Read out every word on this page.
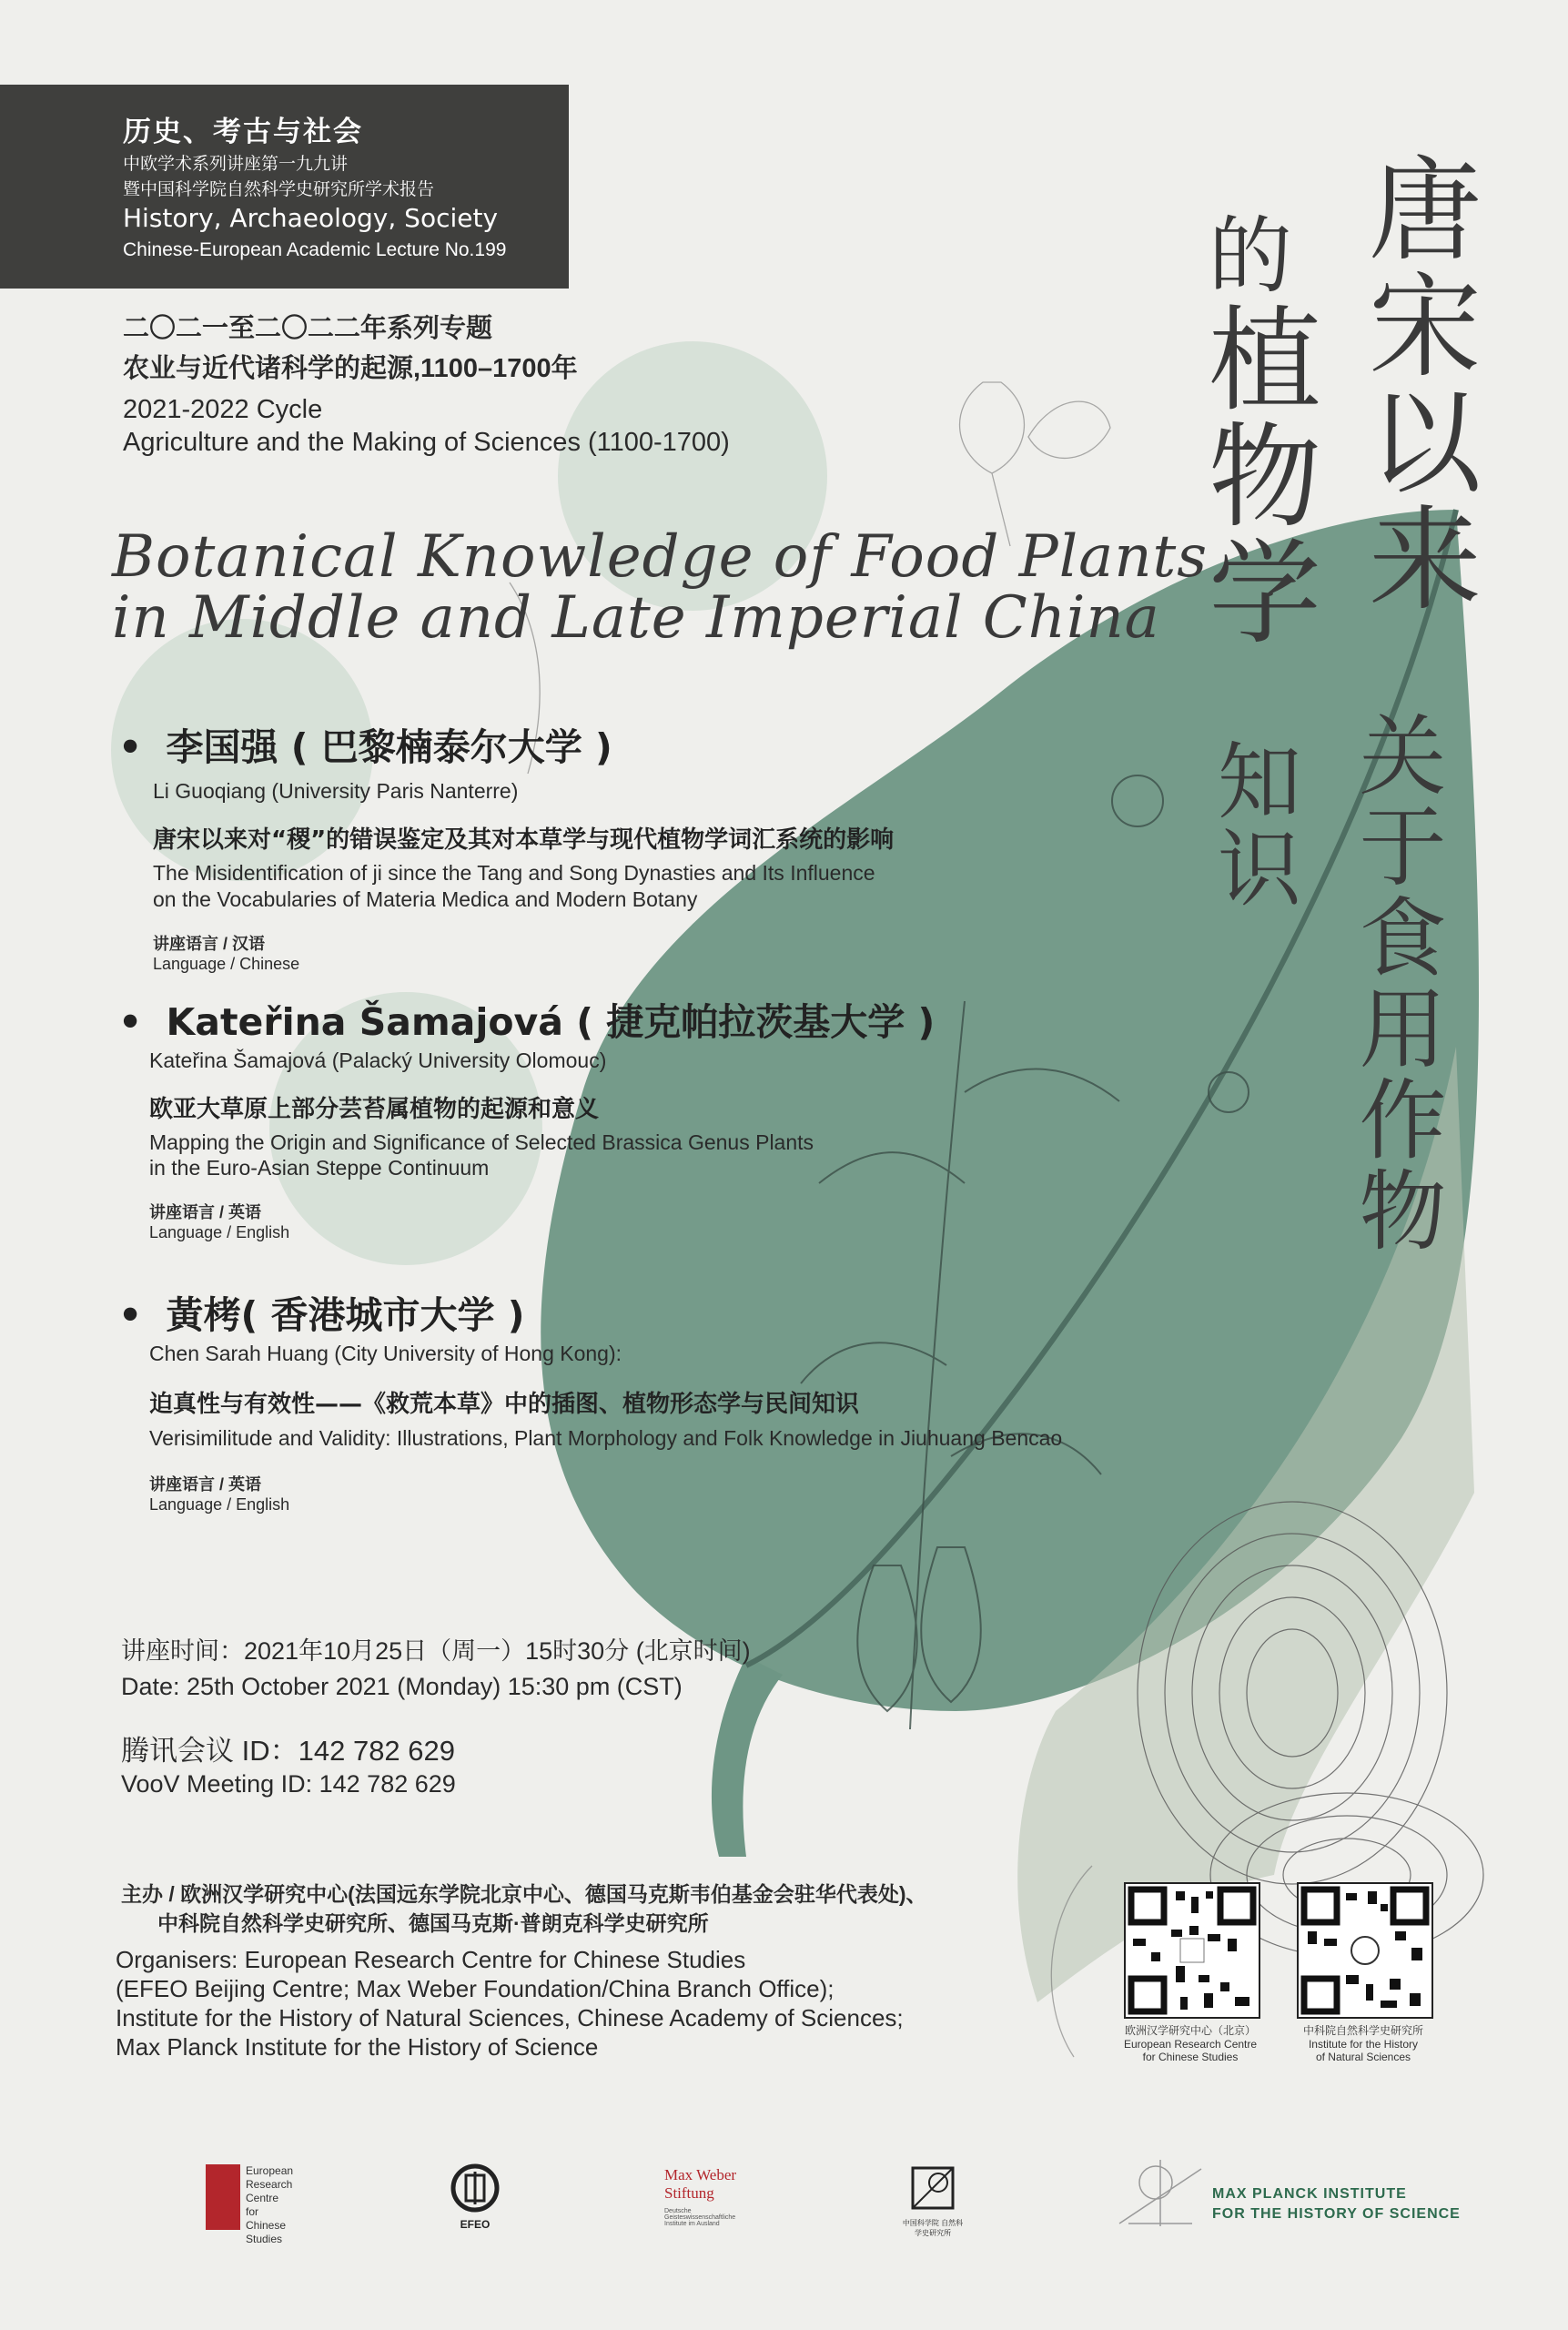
历史、考古与社会
中欧学术系列讲座第一九九讲
暨中国科学院自然科学史研究所学术报告
History, Archaeology, Society
Chinese-European Academic Lecture No.199
二〇二一至二〇二二年系列专题
农业与近代诸科学的起源,1100–1700年
2021-2022 Cycle
Agriculture and the Making of Sciences (1100-1700)
Botanical Knowledge of Food Plants
in Middle and Late Imperial China
唐宋以来
关于食用作物
的
植物学
知识
• 李国强 ( 巴黎楠泰尔大学 )
Li Guoqiang (University Paris Nanterre)
唐宋以来对“稷”的错误鉴定及其对本草学与现代植物学词汇系统的影响
The Misidentification of ji since the Tang and Song Dynasties and Its Influence
on the Vocabularies of Materia Medica and Modern Botany
讲座语言 / 汉语
Language / Chinese
• Kateřina Šamajová ( 捷克帕拉茨基大学 )
Kateřina Šamajová (Palacký University Olomouc)
欧亚大草原上部分芸苔属植物的起源和意义
Mapping the Origin and Significance of Selected Brassica Genus Plants
in the Euro-Asian Steppe Continuum
讲座语言 / 英语
Language / English
• 黃栲( 香港城市大学 )
Chen Sarah Huang (City University of Hong Kong):
迫真性与有效性——《救荒本草》中的插图、植物形态学与民间知识
Verisimilitude and Validity: Illustrations, Plant Morphology and Folk Knowledge in Jiuhuang Bencao
讲座语言 / 英语
Language / English
讲座时间：2021年10月25日（周一）15时30分 (北京时间)
Date: 25th October 2021 (Monday) 15:30 pm (CST)
腾讯会议 ID：142 782 629
VooV Meeting ID: 142 782 629
主办 / 欧洲汉学研究中心(法国远东学院北京中心、德国马克斯韦伯基金会驻华代表处)、
中科院自然科学史研究所、德国马克斯·普朗克科学史研究所
Organisers: European Research Centre for Chinese Studies
(EFEO Beijing Centre; Max Weber Foundation/China Branch Office);
Institute for the History of Natural Sciences, Chinese Academy of Sciences;
Max Planck Institute for the History of Science
欧洲汉学研究中心（北京）
European Research Centre
for Chinese Studies
中科院自然科学史研究所
Institute for the History
of Natural Sciences
European
Research
Centre for
Chinese
Studies
EFEO
Max Weber
Stiftung
Deutsche Geisteswissenschaftliche Institute im Ausland	中国科学院 自然科学史研究所
MAX PLANCK INSTITUTE
FOR THE HISTORY OF SCIENCE
